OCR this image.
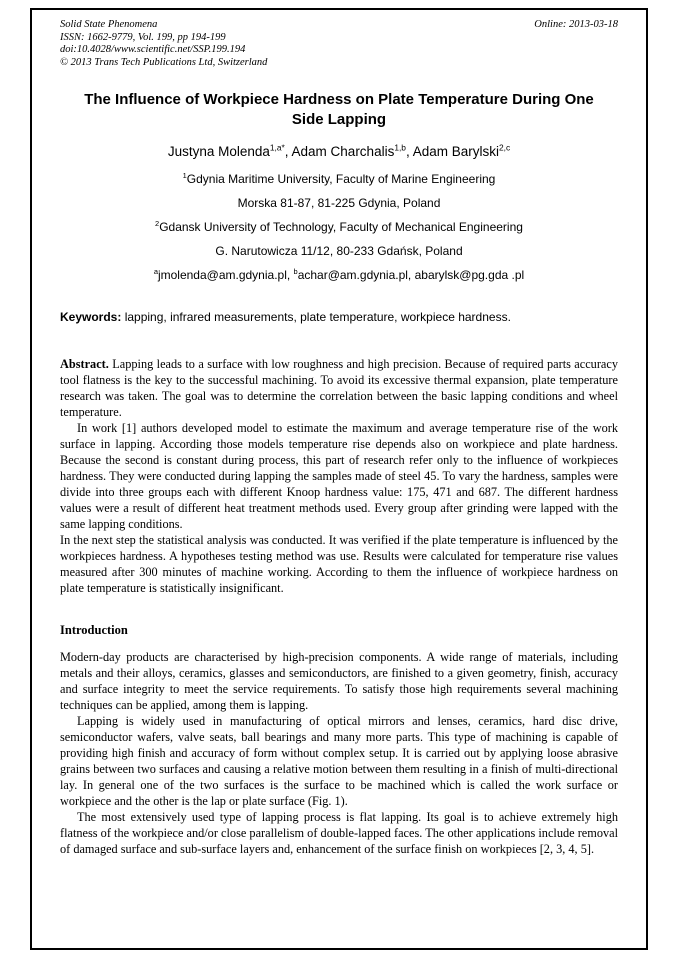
Solid State Phenomena	Online: 2013-03-18
ISSN: 1662-9779, Vol. 199, pp 194-199
doi:10.4028/www.scientific.net/SSP.199.194
© 2013 Trans Tech Publications Ltd, Switzerland
The Influence of Workpiece Hardness on Plate Temperature During One Side Lapping
Justyna Molenda$^{1,a*}$, Adam Charchalis$^{1,b}$, Adam Barylski$^{2,c}$
$^1$Gdynia Maritime University, Faculty of Marine Engineering
Morska 81-87, 81-225 Gdynia, Poland
$^2$Gdansk University of Technology, Faculty of Mechanical Engineering
G. Narutowicza 11/12, 80-233 Gdańsk, Poland
$^a$jmolenda@am.gdynia.pl, $^b$achar@am.gdynia.pl, abarylsk@pg.gda .pl

Keywords: lapping, infrared measurements, plate temperature, workpiece hardness.

Abstract. Lapping leads to a surface with low roughness and high precision. Because of required parts accuracy tool flatness is the key to the successful machining. To avoid its excessive thermal expansion, plate temperature research was taken. The goal was to determine the correlation between the basic lapping conditions and wheel temperature.

In work [1] authors developed model to estimate the maximum and average temperature rise of the work surface in lapping. According those models temperature rise depends also on workpiece and plate hardness. Because the second is constant during process, this part of research refer only to the influence of workpieces hardness. They were conducted during lapping the samples made of steel 45. To vary the hardness, samples were divide into three groups each with different Knoop hardness value: 175, 471 and 687. The different hardness values were a result of different heat treatment methods used. Every group after grinding were lapped with the same lapping conditions.

In the next step the statistical analysis was conducted. It was verified if the plate temperature is influenced by the workpieces hardness. A hypotheses testing method was use. Results were calculated for temperature rise values measured after 300 minutes of machine working. According to them the influence of workpiece hardness on plate temperature is statistically insignificant.

Introduction

Modern-day products are characterised by high-precision components. A wide range of materials, including metals and their alloys, ceramics, glasses and semiconductors, are finished to a given geometry, finish, accuracy and surface integrity to meet the service requirements. To satisfy those high requirements several machining techniques can be applied, among them is lapping.

Lapping is widely used in manufacturing of optical mirrors and lenses, ceramics, hard disc drive, semiconductor wafers, valve seats, ball bearings and many more parts. This type of machining is capable of providing high finish and accuracy of form without complex setup. It is carried out by applying loose abrasive grains between two surfaces and causing a relative motion between them resulting in a finish of multi-directional lay. In general one of the two surfaces is the surface to be machined which is called the work surface or workpiece and the other is the lap or plate surface (Fig. 1).

The most extensively used type of lapping process is flat lapping. Its goal is to achieve extremely high flatness of the workpiece and/or close parallelism of double-lapped faces. The other applications include removal of damaged surface and sub-surface layers and, enhancement of the surface finish on workpieces [2, 3, 4, 5].
